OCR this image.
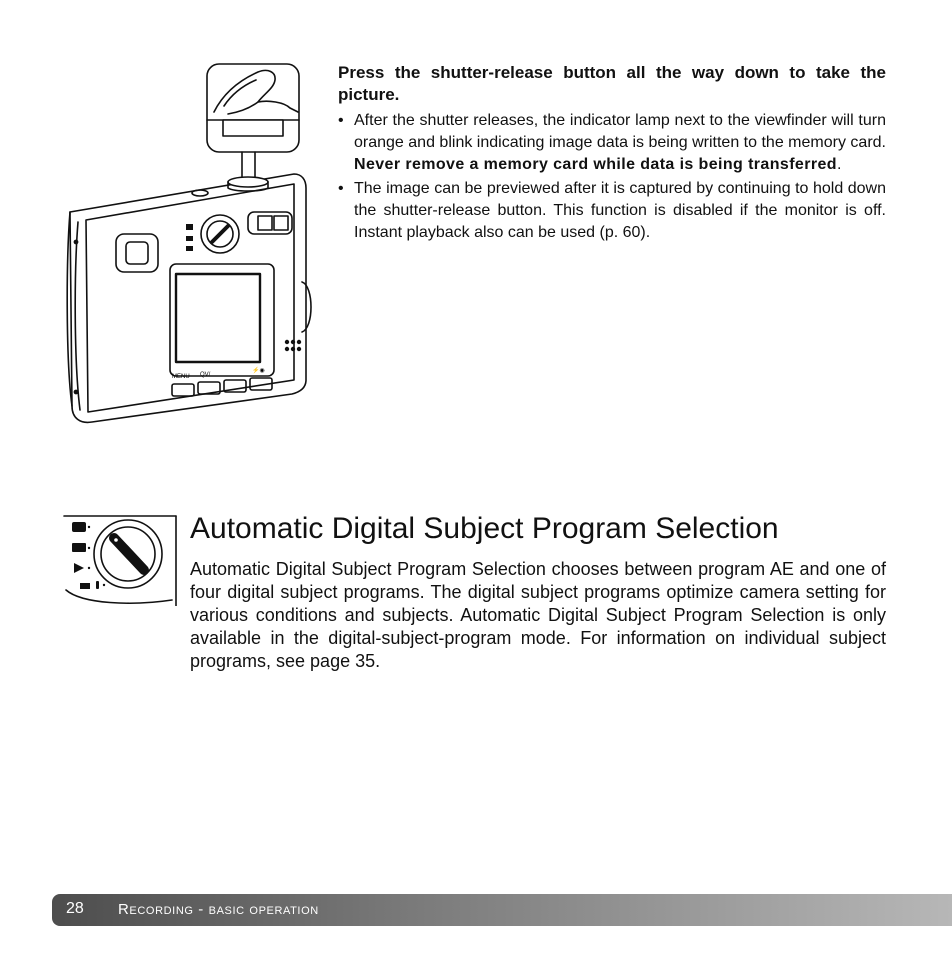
MENU QV/
⚡◉

Press the shutter-release button all the way down to take the picture.

• After the shutter releases, the indicator lamp next to the viewfinder will turn orange and blink indicating image data is being written to the memory card. Never remove a memory card while data is being transferred.
• The image can be previewed after it is captured by continuing to hold down the shutter-release button. This function is disabled if the monitor is off. Instant playback also can be used (p. 60).
Automatic Digital Subject Program Selection

Automatic Digital Subject Program Selection chooses between program AE and one of four digital subject programs. The digital subject programs optimize camera setting for various conditions and subjects. Automatic Digital Subject Program Selection is only available in the digital-subject-program mode. For information on individual subject programs, see page 35.

28 Recording - basic operation
